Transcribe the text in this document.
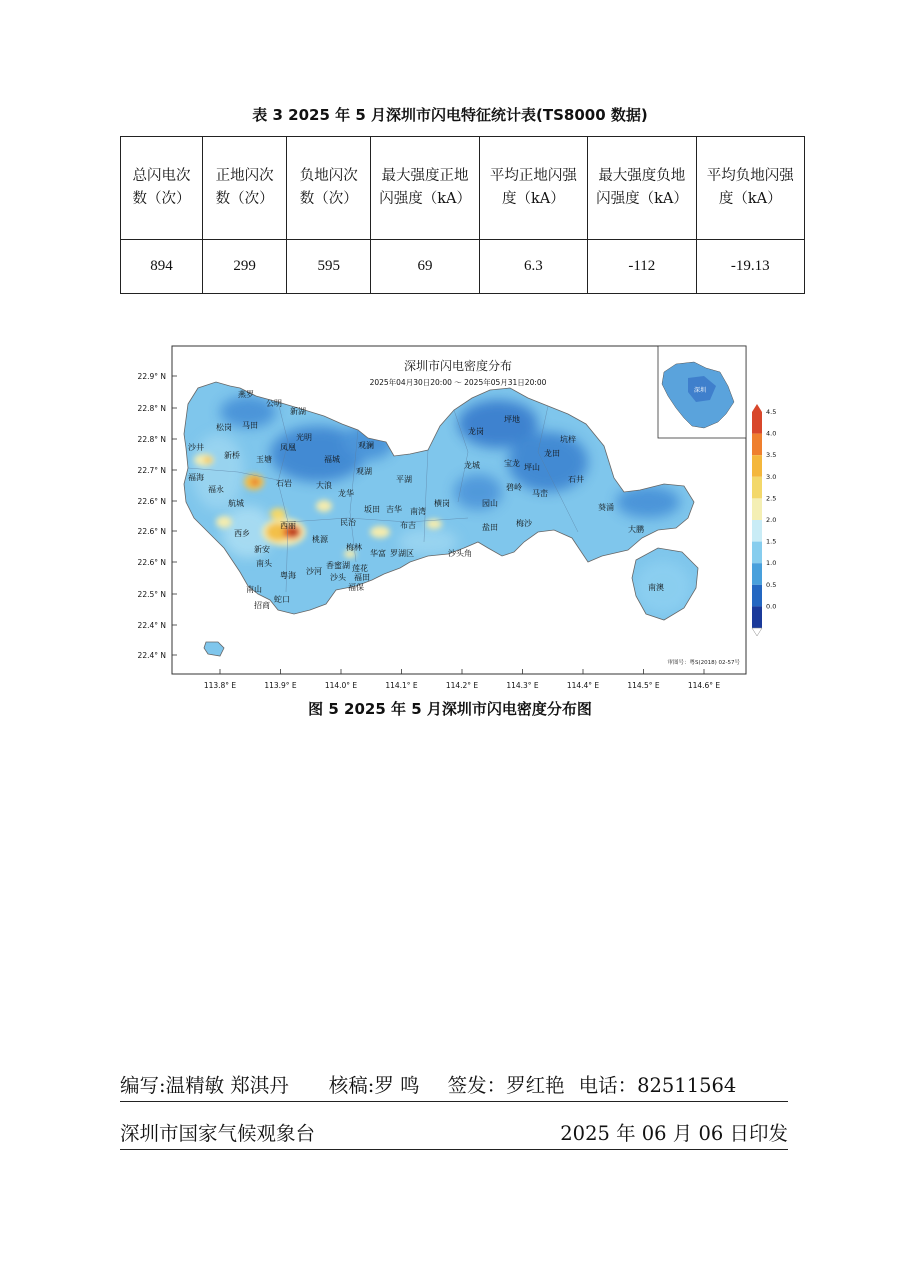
表 3 2025 年 5 月深圳市闪电特征统计表(TS8000 数据)
总闪电次数（次）	正地闪次数（次）	负地闪次数（次）	最大强度正地闪强度（kA）	平均正地闪强度（kA）	最大强度负地闪强度（kA）	平均负地闪强度（kA）
894	299	595	69	6.3	-112	-19.13
深圳市闪电密度分布
2025年04月30日20:00 ～ 2025年05月31日20:00
深圳
4.5
4.0
3.5
3.0
2.5
2.0
1.5
1.0
0.5
0.0
22.9° N
22.8° N
22.8° N
22.7° N
22.6° N
22.6° N
22.6° N
22.5° N
22.4° N
22.4° N
113.8° E	113.9° E	114.0° E	114.1° E	114.2° E	114.3° E	114.4° E	114.5° E	114.6° E
燕罗
公明
新湖
松岗 马田
光明
沙井
新桥 玉塘
凤凰
福城
观澜
福海
石岩
观湖
福永	大浪
航城
龙华
平湖
民治
坂田 吉华 南湾
西乡
西丽
新安
桃源
梅林
华富 罗湖区
南头
粤海 沙河
香蜜湖 莲花
南山
沙头 福田
福保
招商
蛇口
龙岗
坪地
龙城	宝龙
坑梓
龙田
坪山
石井
碧岭
马峦
横岗	园山
布吉	盐田 梅沙
沙头角
葵涌
大鹏
南澳
审图号：粤S(2018) 02-57号
图 5 2025 年 5 月深圳市闪电密度分布图
编写:温精敏 郑淇丹 核稿:罗 鸣 签发：罗红艳 电话：82511564
深圳市国家气候观象台	2025 年 06 月 06 日印发
